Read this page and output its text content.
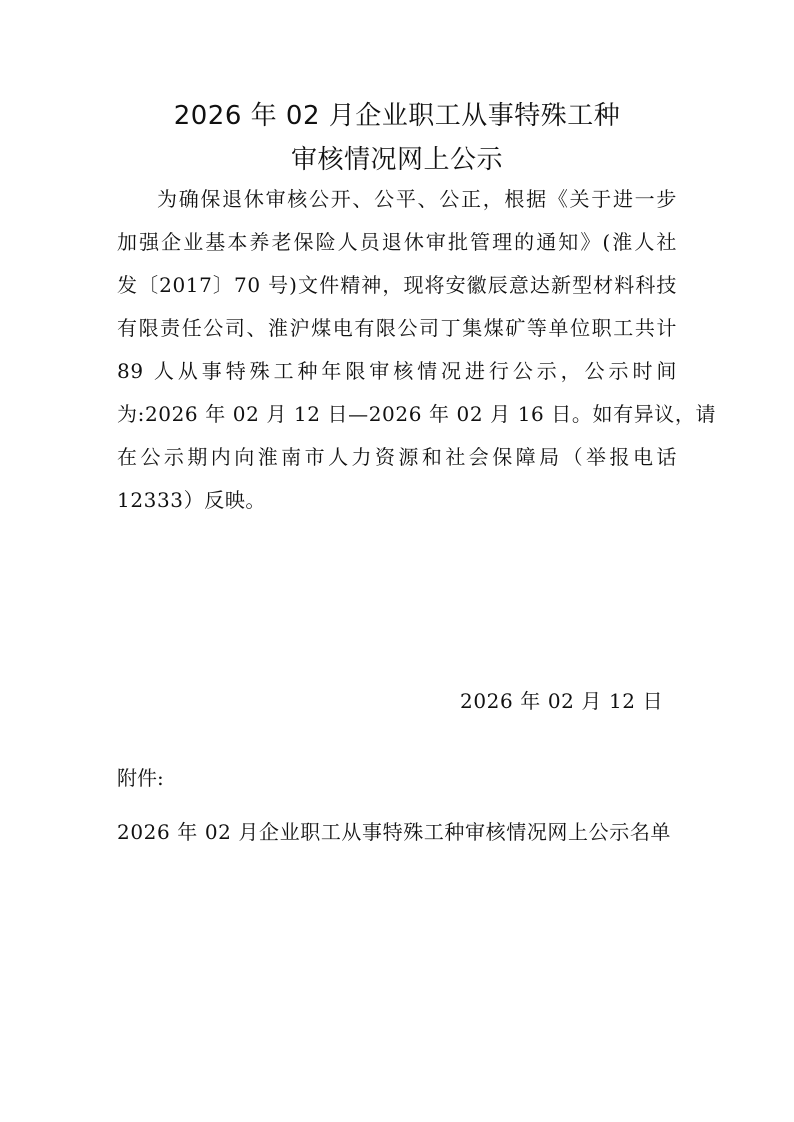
2026 年 02 月企业职工从事特殊工种
审核情况网上公示
为确保退休审核公开、公平、公正，根据《关于进一步
加强企业基本养老保险人员退休审批管理的通知》(淮人社
发〔2017〕70 号)文件精神，现将安徽辰意达新型材料科技
有限责任公司、淮沪煤电有限公司丁集煤矿等单位职工共计
89 人从事特殊工种年限审核情况进行公示，公示时间
为:2026 年 02 月 12 日—2026 年 02 月 16 日。如有异议，请
在公示期内向淮南市人力资源和社会保障局（举报电话
12333）反映。
2026 年 02 月 12 日
附件:
2026 年 02 月企业职工从事特殊工种审核情况网上公示名单
